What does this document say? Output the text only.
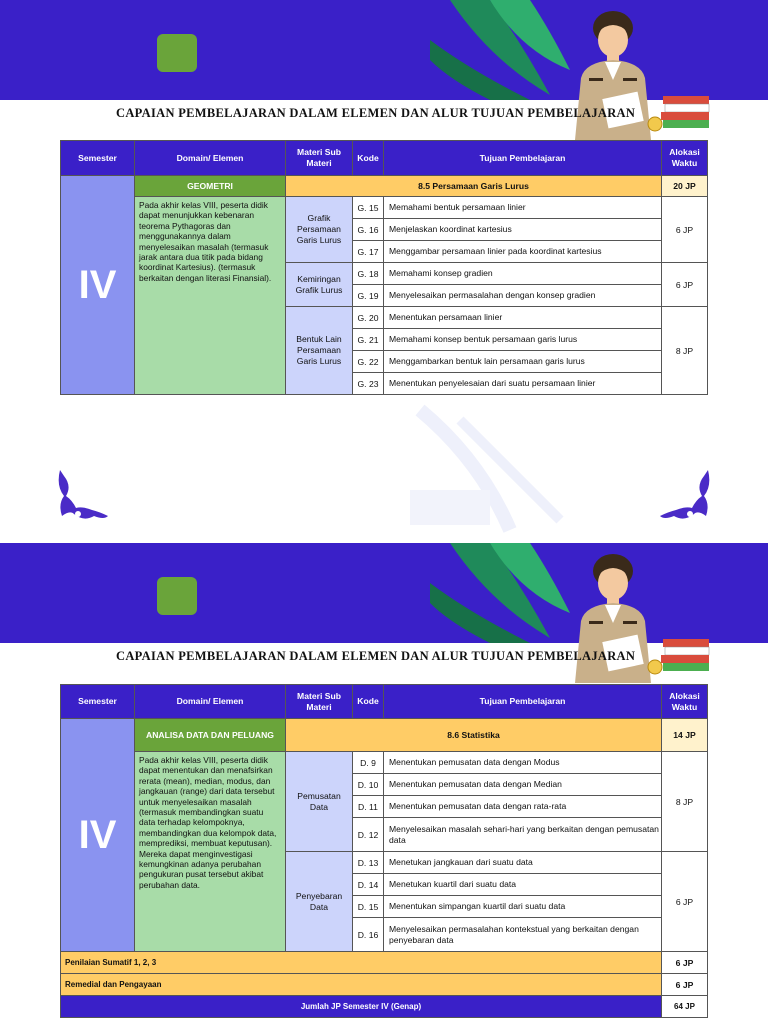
CAPAIAN PEMBELAJARAN DALAM ELEMEN DAN ALUR TUJUAN PEMBELAJARAN
Semester	Domain/ Elemen	Materi Sub Materi	Kode	Tujuan Pembelajaran	Alokasi Waktu
IV	GEOMETRI	8.5 Persamaan Garis Lurus			20 JP
	Pada akhir kelas VIII, peserta didik dapat menunjukkan kebenaran teorema Pythagoras dan menggunakannya dalam menyelesaikan masalah (termasuk jarak antara dua titik pada bidang koordinat Kartesius). (termasuk berkaitan dengan literasi Finansial).	Grafik Persamaan Garis Lurus	G. 15	Memahami bentuk persamaan linier	6 JP
			G. 16	Menjelaskan koordinat kartesius	
			G. 17	Menggambar persamaan linier pada koordinat kartesius	
		Kemiringan Grafik Lurus	G. 18	Memahami konsep gradien	6 JP
			G. 19	Menyelesaikan permasalahan dengan konsep gradien	
		Bentuk Lain Persamaan Garis Lurus	G. 20	Menentukan persamaan linier	8 JP
			G. 21	Memahami konsep bentuk persamaan garis lurus	
			G. 22	Menggambarkan bentuk lain persamaan garis lurus	
			G. 23	Menentukan penyelesaian dari suatu persamaan linier	
CAPAIAN PEMBELAJARAN DALAM ELEMEN DAN ALUR TUJUAN PEMBELAJARAN
Semester	Domain/ Elemen	Materi Sub Materi	Kode	Tujuan Pembelajaran	Alokasi Waktu
IV	ANALISA DATA DAN PELUANG	8.6 Statistika			14 JP
	Pada akhir kelas VIII, peserta didik dapat menentukan dan menafsirkan rerata (mean), median, modus, dan jangkauan (range) dari data tersebut untuk menyelesaikan masalah (termasuk membandingkan suatu data terhadap kelompoknya, membandingkan dua kelompok data, memprediksi, membuat keputusan). Mereka dapat menginvestigasi kemungkinan adanya perubahan pengukuran pusat tersebut akibat perubahan data.	Pemusatan Data	D. 9	Menentukan pemusatan data dengan Modus	8 JP
			D. 10	Menentukan pemusatan data dengan Median	
			D. 11	Menentukan pemusatan data dengan rata-rata	
			D. 12	Menyelesaikan masalah sehari-hari yang berkaitan dengan pemusatan data	
		Penyebaran Data	D. 13	Menetukan jangkauan dari suatu data	6 JP
			D. 14	Menetukan kuartil dari suatu data	
			D. 15	Menentukan simpangan kuartil dari suatu data	
			D. 16	Menyelesaikan permasalahan kontekstual yang berkaitan dengan penyebaran data	
Penilaian Sumatif 1, 2, 3					6 JP
Remedial dan Pengayaan					6 JP
Jumlah JP Semester IV (Genap)					64 JP
